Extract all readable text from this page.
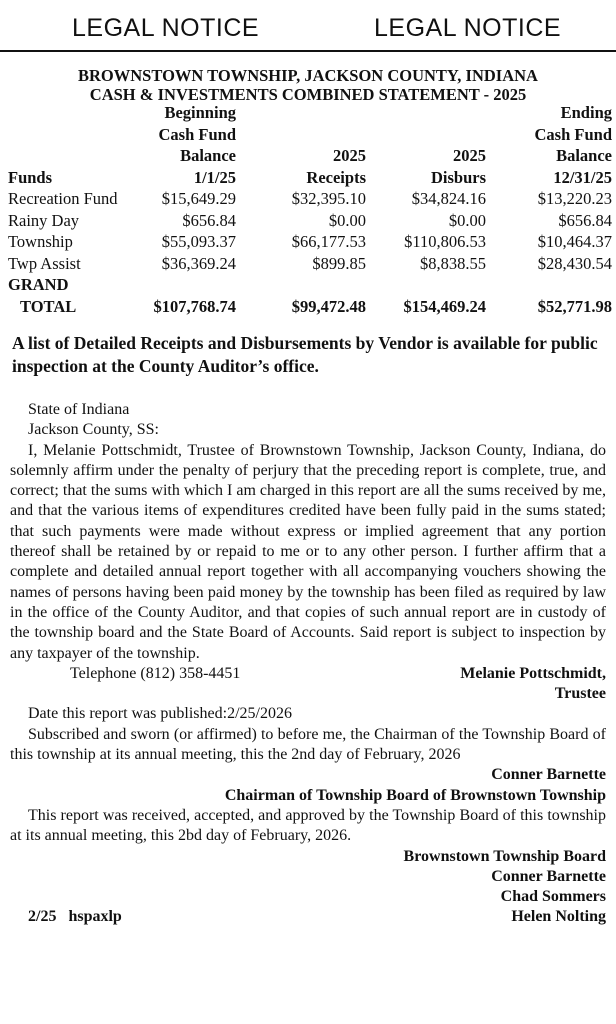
LEGAL NOTICE	LEGAL NOTICE
BROWNSTOWN TOWNSHIP, JACKSON COUNTY, INDIANA
CASH & INVESTMENTS COMBINED STATEMENT - 2025
Beginning	Ending
Cash Fund	Cash Fund
Balance	2025	2025	Balance
Funds	1/1/25	Receipts	Disburs	12/31/25
Recreation Fund	$15,649.29	$32,395.10	$34,824.16	$13,220.23
Rainy Day	$656.84	$0.00	$0.00	$656.84
Township	$55,093.37	$66,177.53 $110,806.53	$10,464.37
Twp Assist	$36,369.24	$899.85	$8,838.55	$28,430.54
GRAND
TOTAL	$107,768.74	$99,472.48 $154,469.24	$52,771.98
A list of Detailed Receipts and Disbursements by Vendor is available for public inspection at the County Auditor’s office.
State of Indiana
Jackson County, SS:
I, Melanie Pottschmidt, Trustee of Brownstown Township, Jackson County, Indiana, do solemnly affirm under the penalty of perjury that the preceding report is complete, true, and correct; that the sums with which I am charged in this report are all the sums received by me, and that the various items of expenditures credited have been fully paid in the sums stated; that such payments were made without express or implied agreement that any portion thereof shall be retained by or repaid to me or to any other person. I further affirm that a complete and detailed annual report together with all accompanying vouchers showing the names of persons having been paid money by the township has been filed as required by law in the office of the County Auditor, and that copies of such annual report are in custody of the township board and the State Board of Accounts. Said report is subject to inspection by any taxpayer of the township.
Telephone (812) 358-4451	Melanie Pottschmidt,
Trustee
Date this report was published:2/25/2026
Subscribed and sworn (or affirmed) to before me, the Chairman of the Township Board of this township at its annual meeting, this the 2nd day of February, 2026
Conner Barnette
Chairman of Township Board of Brownstown Township
This report was received, accepted, and approved by the Township Board of this township at its annual meeting, this 2bd day of February, 2026.
Brownstown Township Board
Conner Barnette
Chad Sommers
2/25   hspaxlp	Helen Nolting
